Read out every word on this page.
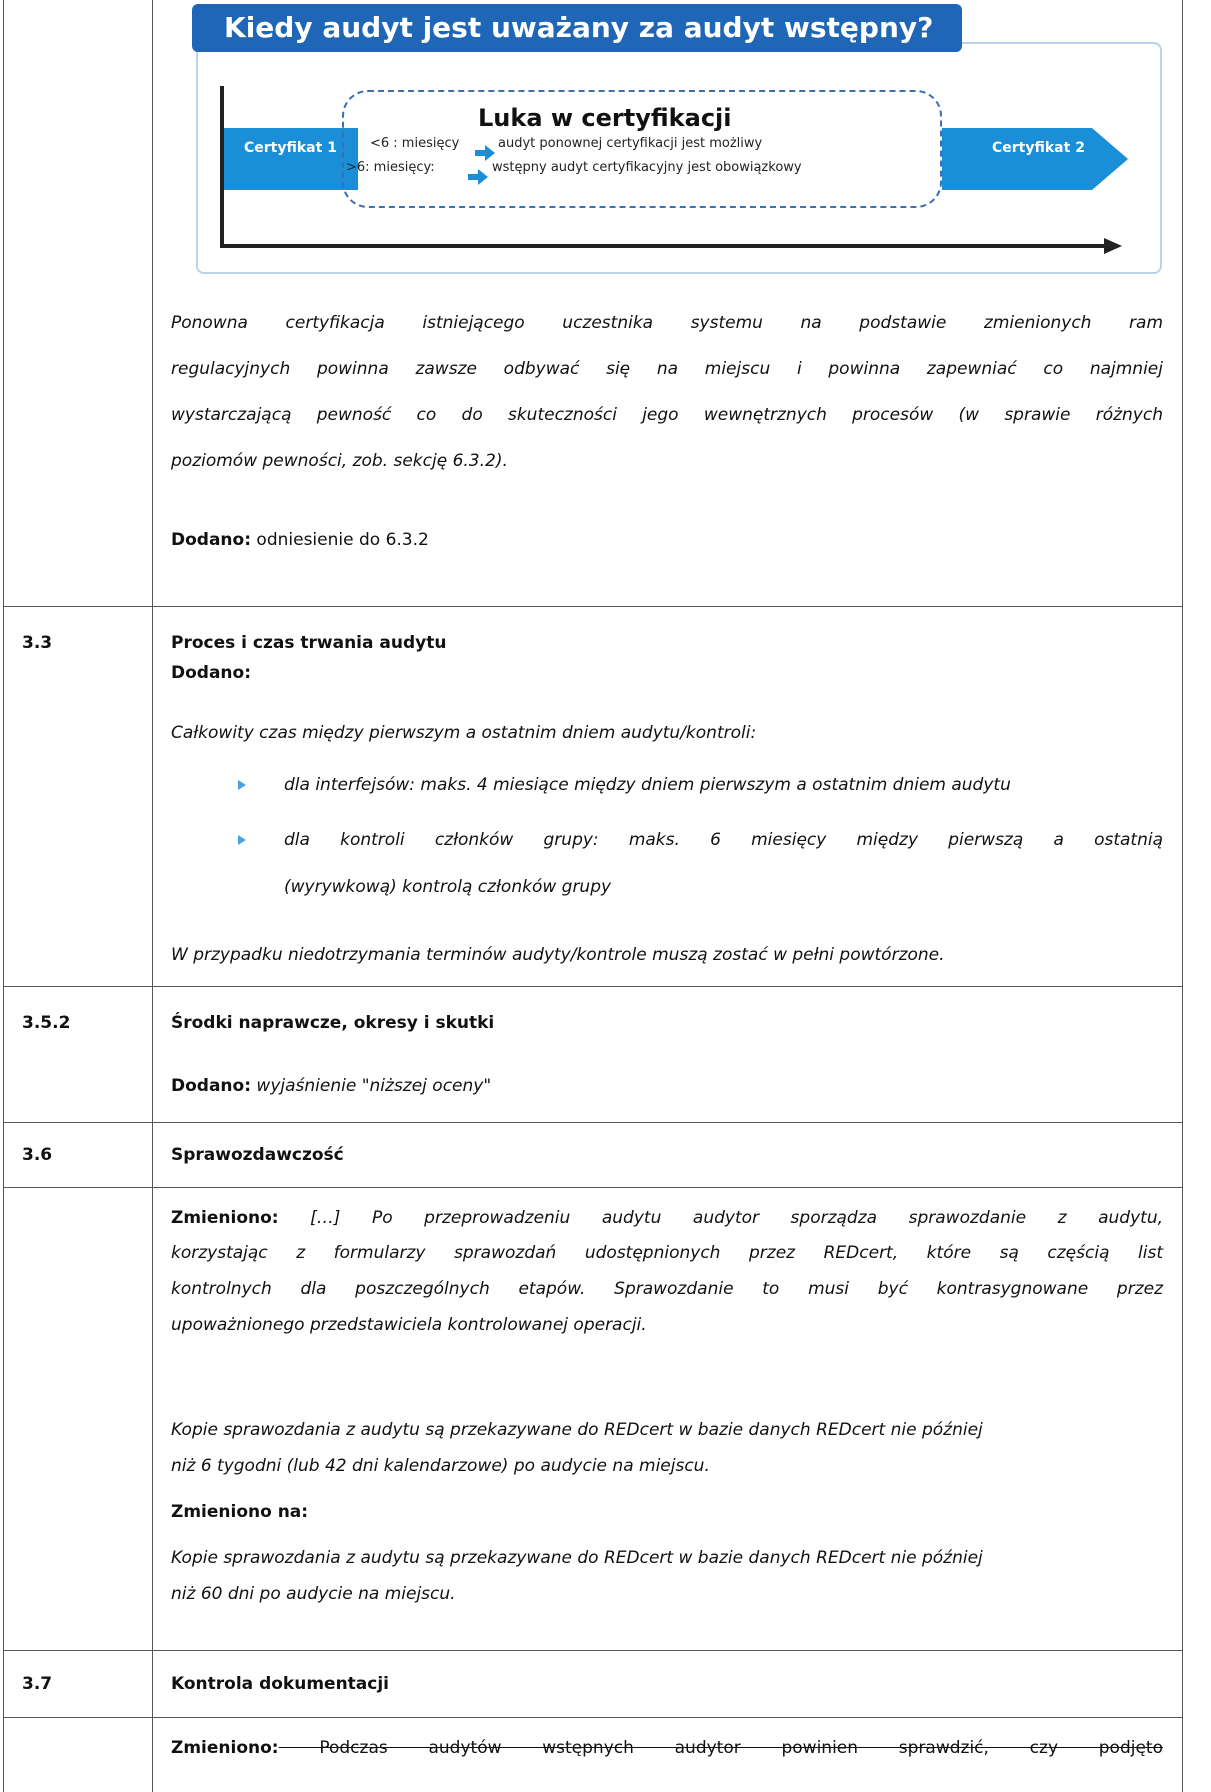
Kiedy audyt jest uważany za audyt wstępny?
Certyfikat 1	Certyfikat 2
Luka w certyfikacji
<6 : miesięcy	audyt ponownej certyfikacji jest możliwy
>6: miesięcy:	wstępny audyt certyfikacyjny jest obowiązkowy
Ponowna certyfikacja istniejącego uczestnika systemu na podstawie zmienionych ram
regulacyjnych powinna zawsze odbywać się na miejscu i powinna zapewniać co najmniej
wystarczającą pewność co do skuteczności jego wewnętrznych procesów (w sprawie różnych
poziomów pewności, zob. sekcję 6.3.2).
Dodano: odniesienie do 6.3.2
3.3	Proces i czas trwania audytu
Dodano:
Całkowity czas między pierwszym a ostatnim dniem audytu/kontroli:
dla interfejsów: maks. 4 miesiące między dniem pierwszym a ostatnim dniem audytu
dla kontroli członków grupy: maks. 6 miesięcy między pierwszą a ostatnią
(wyrywkową) kontrolą członków grupy
W przypadku niedotrzymania terminów audyty/kontrole muszą zostać w pełni powtórzone.
3.5.2	Środki naprawcze, okresy i skutki
Dodano: wyjaśnienie "niższej oceny"
3.6	Sprawozdawczość
Zmieniono: […] Po przeprowadzeniu audytu audytor sporządza sprawozdanie z audytu,
korzystając z formularzy sprawozdań udostępnionych przez REDcert, które są częścią list
kontrolnych dla poszczególnych etapów. Sprawozdanie to musi być kontrasygnowane przez
upoważnionego przedstawiciela kontrolowanej operacji.
Kopie sprawozdania z audytu są przekazywane do REDcert w bazie danych REDcert nie później
niż 6 tygodni (lub 42 dni kalendarzowe) po audycie na miejscu.
Zmieniono na:
Kopie sprawozdania z audytu są przekazywane do REDcert w bazie danych REDcert nie później
niż 60 dni po audycie na miejscu.
3.7	Kontrola dokumentacji
Zmieniono: Podczas audytów wstępnych audytor powinien sprawdzić, czy podjęto
